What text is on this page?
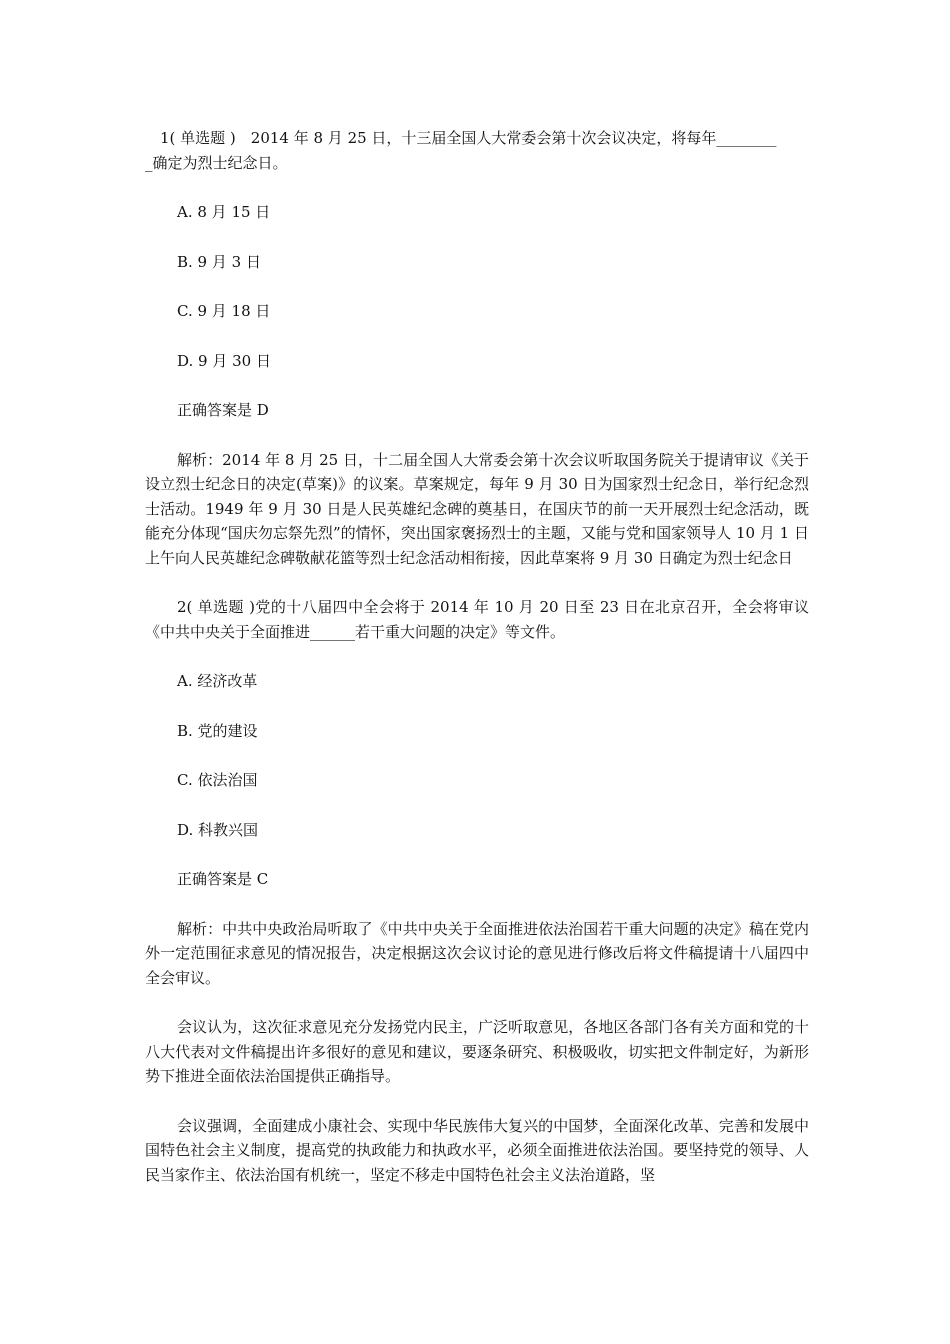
1( 单选题 )　2014 年 8 月 25 日，十三届全国人大常委会第十次会议决定，将每年________

_确定为烈士纪念日。

A. 8 月 15 日

B. 9 月 3 日

C. 9 月 18 日

D. 9 月 30 日

正确答案是 D

解析：2014 年 8 月 25 日，十二届全国人大常委会第十次会议听取国务院关于提请审议《关于设立烈士纪念日的决定(草案)》的议案。草案规定，每年 9 月 30 日为国家烈士纪念日，举行纪念烈士活动。1949 年 9 月 30 日是人民英雄纪念碑的奠基日，在国庆节的前一天开展烈士纪念活动，既能充分体现“国庆勿忘祭先烈”的情怀，突出国家褒扬烈士的主题，又能与党和国家领导人 10 月 1 日上午向人民英雄纪念碑敬献花篮等烈士纪念活动相衔接，因此草案将 9 月 30 日确定为烈士纪念日

2( 单选题 )党的十八届四中全会将于 2014 年 10 月 20 日至 23 日在北京召开，全会将审议《中共中央关于全面推进______若干重大问题的决定》等文件。

A. 经济改革

B. 党的建设

C. 依法治国

D. 科教兴国

正确答案是 C

解析：中共中央政治局听取了《中共中央关于全面推进依法治国若干重大问题的决定》稿在党内外一定范围征求意见的情况报告，决定根据这次会议讨论的意见进行修改后将文件稿提请十八届四中全会审议。

会议认为，这次征求意见充分发扬党内民主，广泛听取意见，各地区各部门各有关方面和党的十八大代表对文件稿提出许多很好的意见和建议，要逐条研究、积极吸收，切实把文件制定好，为新形势下推进全面依法治国提供正确指导。

会议强调，全面建成小康社会、实现中华民族伟大复兴的中国梦，全面深化改革、完善和发展中国特色社会主义制度，提高党的执政能力和执政水平，必须全面推进依法治国。要坚持党的领导、人民当家作主、依法治国有机统一，坚定不移走中国特色社会主义法治道路，坚
